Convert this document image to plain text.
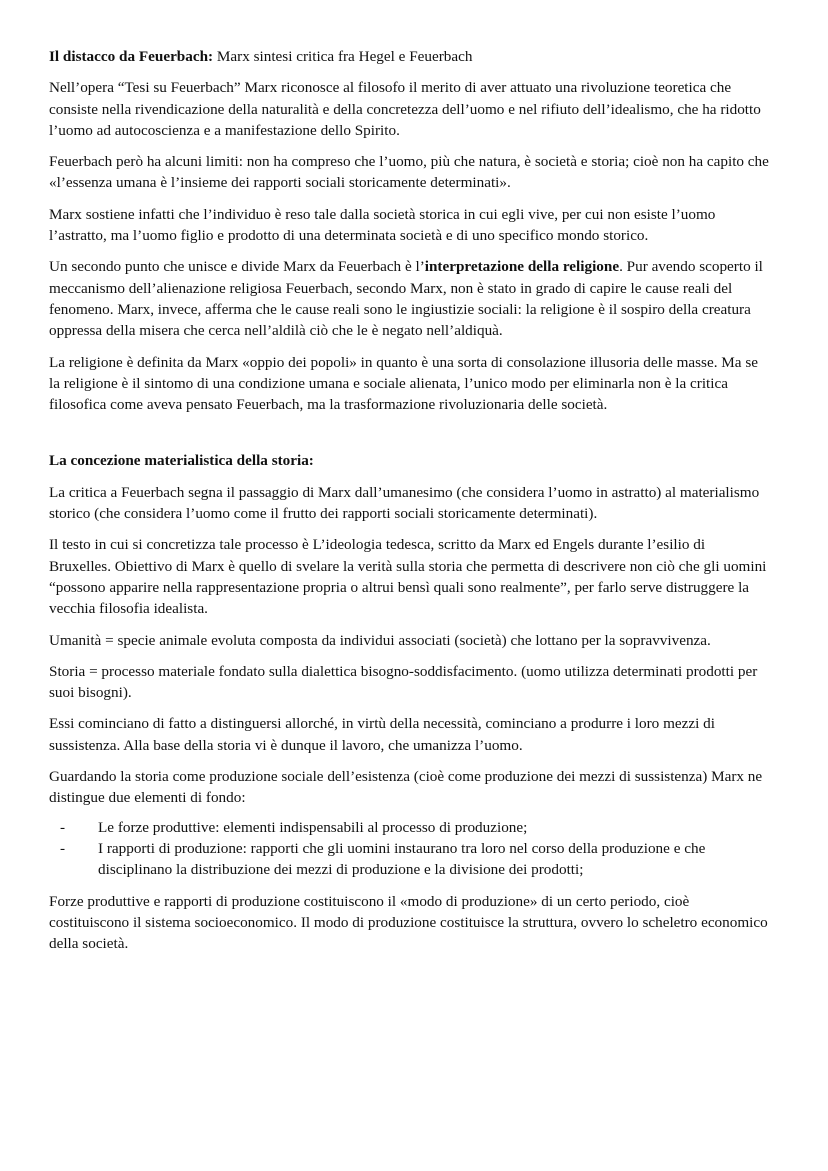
Il distacco da Feuerbach: Marx sintesi critica fra Hegel e Feuerbach

Nell’opera “Tesi su Feuerbach” Marx riconosce al filosofo il merito di aver attuato una rivoluzione teoretica che consiste nella rivendicazione della naturalità e della concretezza dell’uomo e nel rifiuto dell’idealismo, che ha ridotto l’uomo ad autocoscienza e a manifestazione dello Spirito.

Feuerbach però ha alcuni limiti: non ha compreso che l’uomo, più che natura, è società e storia; cioè non ha capito che «l’essenza umana è l’insieme dei rapporti sociali storicamente determinati».

Marx sostiene infatti che l’individuo è reso tale dalla società storica in cui egli vive, per cui non esiste l’uomo l’astratto, ma l’uomo figlio e prodotto di una determinata società e di uno specifico mondo storico.

Un secondo punto che unisce e divide Marx da Feuerbach è l’interpretazione della religione. Pur avendo scoperto il meccanismo dell’alienazione religiosa Feuerbach, secondo Marx, non è stato in grado di capire le cause reali del fenomeno. Marx, invece, afferma che le cause reali sono le ingiustizie sociali: la religione è il sospiro della creatura oppressa della misera che cerca nell’aldilà ciò che le è negato nell’aldiquà.

La religione è definita da Marx «oppio dei popoli» in quanto è una sorta di consolazione illusoria delle masse. Ma se la religione è il sintomo di una condizione umana e sociale alienata, l’unico modo per eliminarla non è la critica filosofica come aveva pensato Feuerbach, ma la trasformazione rivoluzionaria delle società.

La concezione materialistica della storia:

La critica a Feuerbach segna il passaggio di Marx dall’umanesimo (che considera l’uomo in astratto) al materialismo storico (che considera l’uomo come il frutto dei rapporti sociali storicamente determinati).

Il testo in cui si concretizza tale processo è L’ideologia tedesca, scritto da Marx ed Engels durante l’esilio di Bruxelles. Obiettivo di Marx è quello di svelare la verità sulla storia che permetta di descrivere non ciò che gli uomini “possono apparire nella rappresentazione propria o altrui bensì quali sono realmente”, per farlo serve distruggere la vecchia filosofia idealista.

Umanità = specie animale evoluta composta da individui associati (società) che lottano per la sopravvivenza.

Storia = processo materiale fondato sulla dialettica bisogno-soddisfacimento. (uomo utilizza determinati prodotti per suoi bisogni).

Essi cominciano di fatto a distinguersi allorché, in virtù della necessità, cominciano a produrre i loro mezzi di sussistenza. Alla base della storia vi è dunque il lavoro, che umanizza l’uomo.

Guardando la storia come produzione sociale dell’esistenza (cioè come produzione dei mezzi di sussistenza) Marx ne distingue due elementi di fondo:

- Le forze produttive: elementi indispensabili al processo di produzione;
- I rapporti di produzione: rapporti che gli uomini instaurano tra loro nel corso della produzione e che disciplinano la distribuzione dei mezzi di produzione e la divisione dei prodotti;

Forze produttive e rapporti di produzione costituiscono il «modo di produzione» di un certo periodo, cioè costituiscono il sistema socioeconomico. Il modo di produzione costituisce la struttura, ovvero lo scheletro economico della società.
